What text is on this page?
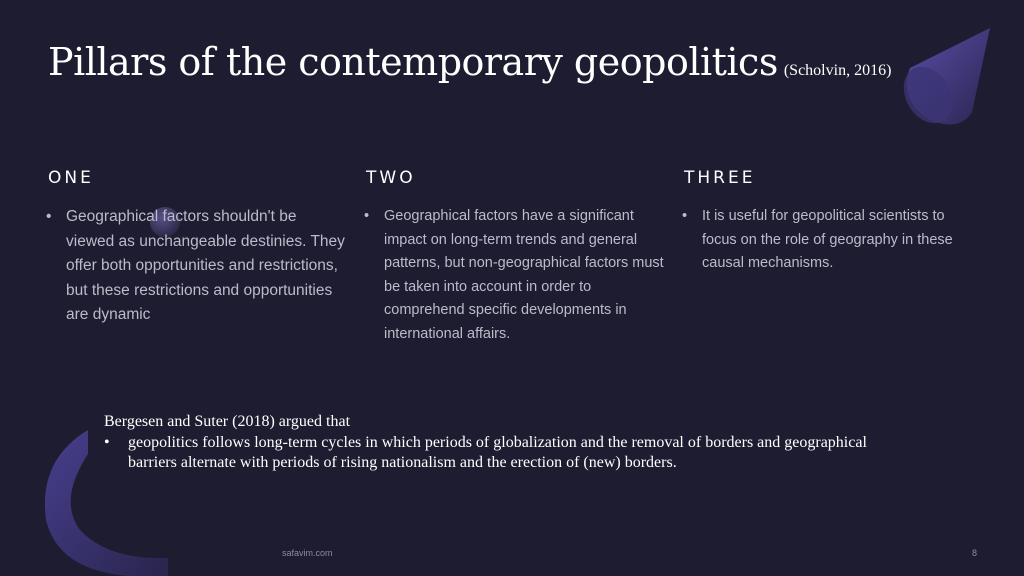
Pillars of the contemporary geopolitics (Scholvin, 2016)
ONE	TWO	THREE
• Geographical factors shouldn't be viewed as unchangeable destinies. They offer both opportunities and restrictions, but these restrictions and opportunities are dynamic
• Geographical factors have a significant impact on long-term trends and general patterns, but non-geographical factors must be taken into account in order to comprehend specific developments in international affairs.
• It is useful for geopolitical scientists to focus on the role of geography in these causal mechanisms.
Bergesen and Suter (2018) argued that
• geopolitics follows long-term cycles in which periods of globalization and the removal of borders and geographical barriers alternate with periods of rising nationalism and the erection of (new) borders.
safavim.com	8
